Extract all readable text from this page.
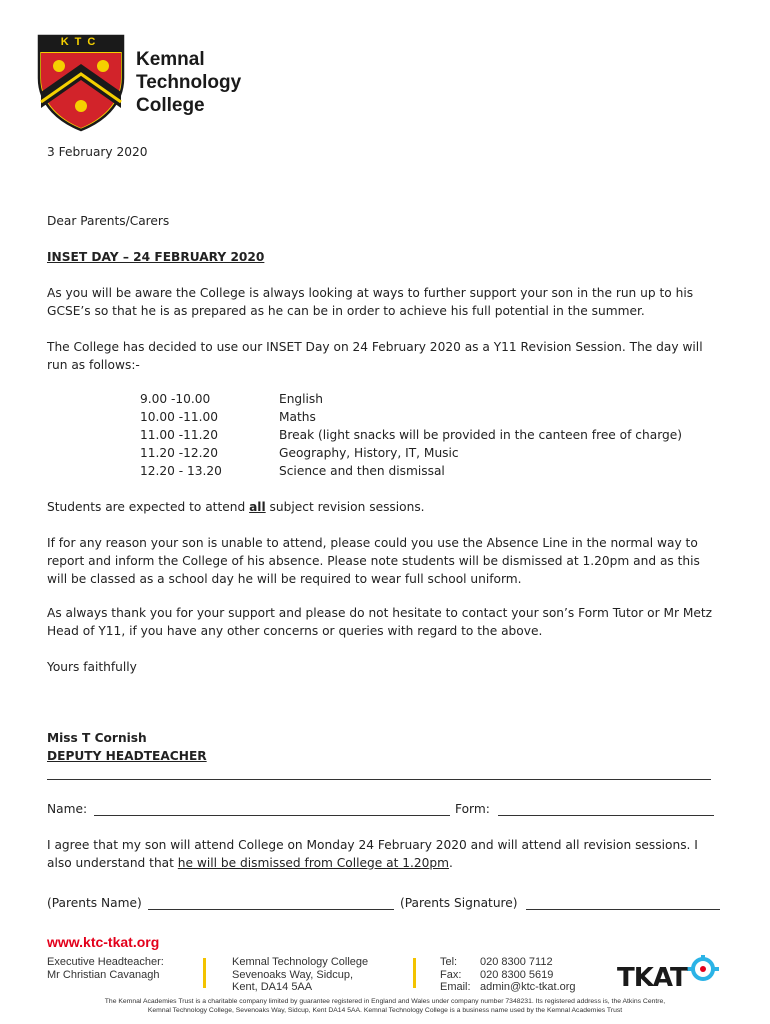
KTC
Kemnal
Technology
College
3 February 2020
Dear Parents/Carers
INSET DAY – 24 FEBRUARY 2020
As you will be aware the College is always looking at ways to further support your son in the run up to his
GCSE’s so that he is as prepared as he can be in order to achieve his full potential in the summer.
The College has decided to use our INSET Day on 24 February 2020 as a Y11 Revision Session. The day will
run as follows:-
9.00 -10.00	English
10.00 -11.00	Maths
11.00 -11.20	Break (light snacks will be provided in the canteen free of charge)
11.20 -12.20	Geography, History, IT, Music
12.20 - 13.20	Science and then dismissal
Students are expected to attend all subject revision sessions.
If for any reason your son is unable to attend, please could you use the Absence Line in the normal way to
report and inform the College of his absence. Please note students will be dismissed at 1.20pm and as this
will be classed as a school day he will be required to wear full school uniform.
As always thank you for your support and please do not hesitate to contact your son’s Form Tutor or Mr Metz
Head of Y11, if you have any other concerns or queries with regard to the above.
Yours faithfully
Miss T Cornish
DEPUTY HEADTEACHER
Name:	Form:
I agree that my son will attend College on Monday 24 February 2020 and will attend all revision sessions. I
also understand that he will be dismissed from College at 1.20pm.
(Parents Name)	(Parents Signature)
www.ktc-tkat.org
Executive Headteacher:
Mr Christian Cavanagh
Kemnal Technology College
Sevenoaks Way, Sidcup,
Kent, DA14 5AA
Tel: 020 8300 7112
Fax: 020 8300 5619
Email: admin@ktc-tkat.org TKAT
The Kemnal Academies Trust is a charitable company limited by guarantee registered in England and Wales under company number 7348231. Its registered address is, the Atkins Centre,
Kemnal Technology College, Sevenoaks Way, Sidcup, Kent DA14 5AA. Kemnal Technology College is a business name used by the Kemnal Academies Trust
